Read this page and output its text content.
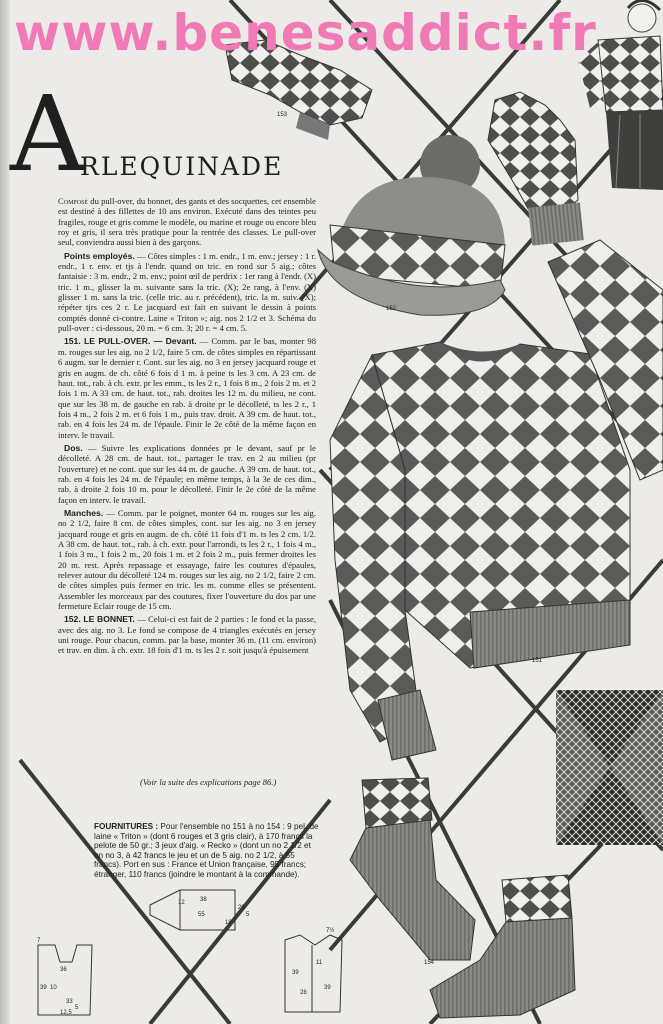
www.benesaddict.fr
A
RLEQUINADE

Composé du pull-over, du bonnet, des gants et des socquettes, cet ensemble est destiné à des fillettes de 10 ans environ. Exécuté dans des teintes peu fragiles, rouge et gris comme le modèle, ou marine et rouge ou encore bleu roy et gris, il sera très pratique pour la rentrée des classes. Le pull-over seul, conviendra aussi bien à des garçons.

Points employés. — Côtes simples : 1 m. endr., 1 m. env.; jersey : 1 r. endr., 1 r. env. et tjs à l'endr. quand on tric. en rond sur 5 aig.; côtes fantaisie : 3 m. endr., 2 m. env.; point œil de perdrix : 1er rang à l'endr. (X) tric. 1 m., glisser la m. suivante sans la tric. (X); 2e rang, à l'env. (X) glisser 1 m. sans la tric. (celle tric. au r. précédent), tric. la m. suiv. (X); répéter tjrs ces 2 r. Le jacquard est fait en suivant le dessin à points comptés donné ci-contre. Laine « Triton »; aig. nos 2 1/2 et 3. Schéma du pull-over : ci-dessous, 20 m. = 6 cm. 3; 20 r. = 4 cm. 5.

151. LE PULL-OVER. — Devant. — Comm. par le bas, monter 98 m. rouges sur les aig. no 2 1/2, faire 5 cm. de côtes simples en répartissant 6 augm. sur le dernier r. Cont. sur les aig. no 3 en jersey jacquard rouge et gris en augm. de ch. côté 6 fois d 1 m. à peine ts les 3 cm. A 23 cm. de haut. tot., rab. à ch. extr. pr les emm., ts les 2 r., 1 fois 8 m., 2 fois 2 m. et 2 fois 1 m. A 33 cm. de haut. tot., rab. droites les 12 m. du milieu, ne cont. que sur les 38 m. de gauche en rab. à droite pr le décolleté, ts les 2 r., 1 fois 4 m., 2 fois 2 m. et 6 fois 1 m., puis trav. droit. A 39 cm. de haut. tot., rab. en 4 fois les 24 m. de l'épaule. Finir le 2e côté de la même façon en interv. le travail.

Dos. — Suivre les explications données pr le devant, sauf pr le décolleté. A 28 cm. de haut. tot., partager le trav. en 2 au milieu (pr l'ouverture) et ne cont. que sur les 44 m. de gauche. A 39 cm. de haut. tot., rab. en 4 fois les 24 m. de l'épaule; en même temps, à la 3e de ces dim., rab. à droite 2 fois 10 m. pour le décolleté. Finir le 2e côté de la même façon en interv. le travail.

Manches. — Comm. par le poignet, monter 64 m. rouges sur les aig. no 2 1/2, faire 8 cm. de côtes simples, cont. sur les aig. no 3 en jersey jacquard rouge et gris en augm. de ch. côté 11 fois d'1 m. ts les 2 cm. 1/2. A 38 cm. de haut. tot., rab. à ch. extr. pour l'arrondi, ts les 2 r., 1 fois 4 m., 1 fois 3 m., 1 fois 2 m., 20 fois 1 m. et 2 fois 2 m., puis fermer droites les 20 m. rest. Après repassage et essayage, faire les coutures d'épaules, relever autour du décolleté 124 m. rouges sur les aig. no 2 1/2, faire 2 cm. de côtes simples puis fermer en tric. les m. comme elles se présentent. Assembler les morceaux par des coutures, fixer l'ouverture du dos par une fermeture Eclair rouge de 15 cm.

152. LE BONNET. — Celui-ci est fait de 2 parties : le fond et la passe, avec des aig. no 3. Le fond se compose de 4 triangles exécutés en jersey uni rouge. Pour chacun, comm. par la base, monter 36 m. (11 cm. environ) et trav. en dim. à ch. extr. 18 fois d'1 m. ts les 2 r. soit jusqu'à épuisement

(Voir la suite des explications page 86.)
FOURNITURES : Pour l'ensemble no 151 à no 154 : 9 pel. de laine « Triton » (dont 6 rouges et 3 gris clair), à 170 francs la pelote de 50 gr.; 3 jeux d'aig. « Recko » (dont un no 2 1/2 et un no 3, à 42 francs le jeu et un de 5 aig. no 2 1/2, à 55 francs). Port en sus : France et Union française, 95 francs; étranger, 110 francs (joindre le montant à la commande).
153
152
151
154
12	38
55
20
18
5
36
33
39 10
5
7
12,5
7½
39
28
11
39
